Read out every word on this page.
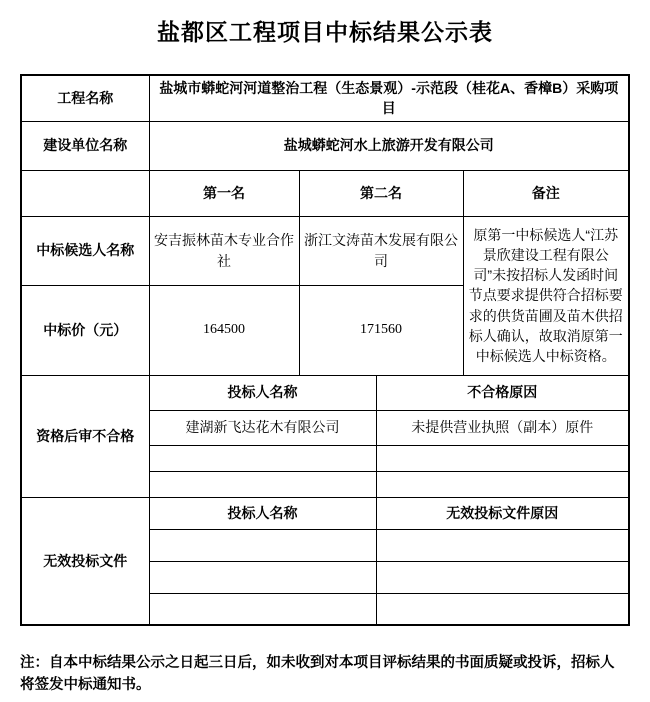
盐都区工程项目中标结果公示表
工程名称	盐城市蟒蛇河河道整治工程（生态景观）-示范段（桂花A、香樟B）采购项目			
建设单位名称	盐城蟒蛇河水上旅游开发有限公司			
	第一名	第二名		备注
中标候选人名称	安吉振林苗木专业合作社	浙江文涛苗木发展有限公司		原第一中标候选人“江苏景欣建设工程有限公司”未按招标人发函时间节点要求提供符合招标要求的供货苗圃及苗木供招标人确认，故取消原第一中标候选人中标资格。
中标价（元）	164500	171560		
资格后审不合格	投标人名称		不合格原因	
	建湖新飞达花木有限公司		未提供营业执照（副本）原件	

无效投标文件	投标人名称		无效投标文件原因	

注：自本中标结果公示之日起三日后，如未收到对本项目评标结果的书面质疑或投诉，招标人将签发中标通知书。
